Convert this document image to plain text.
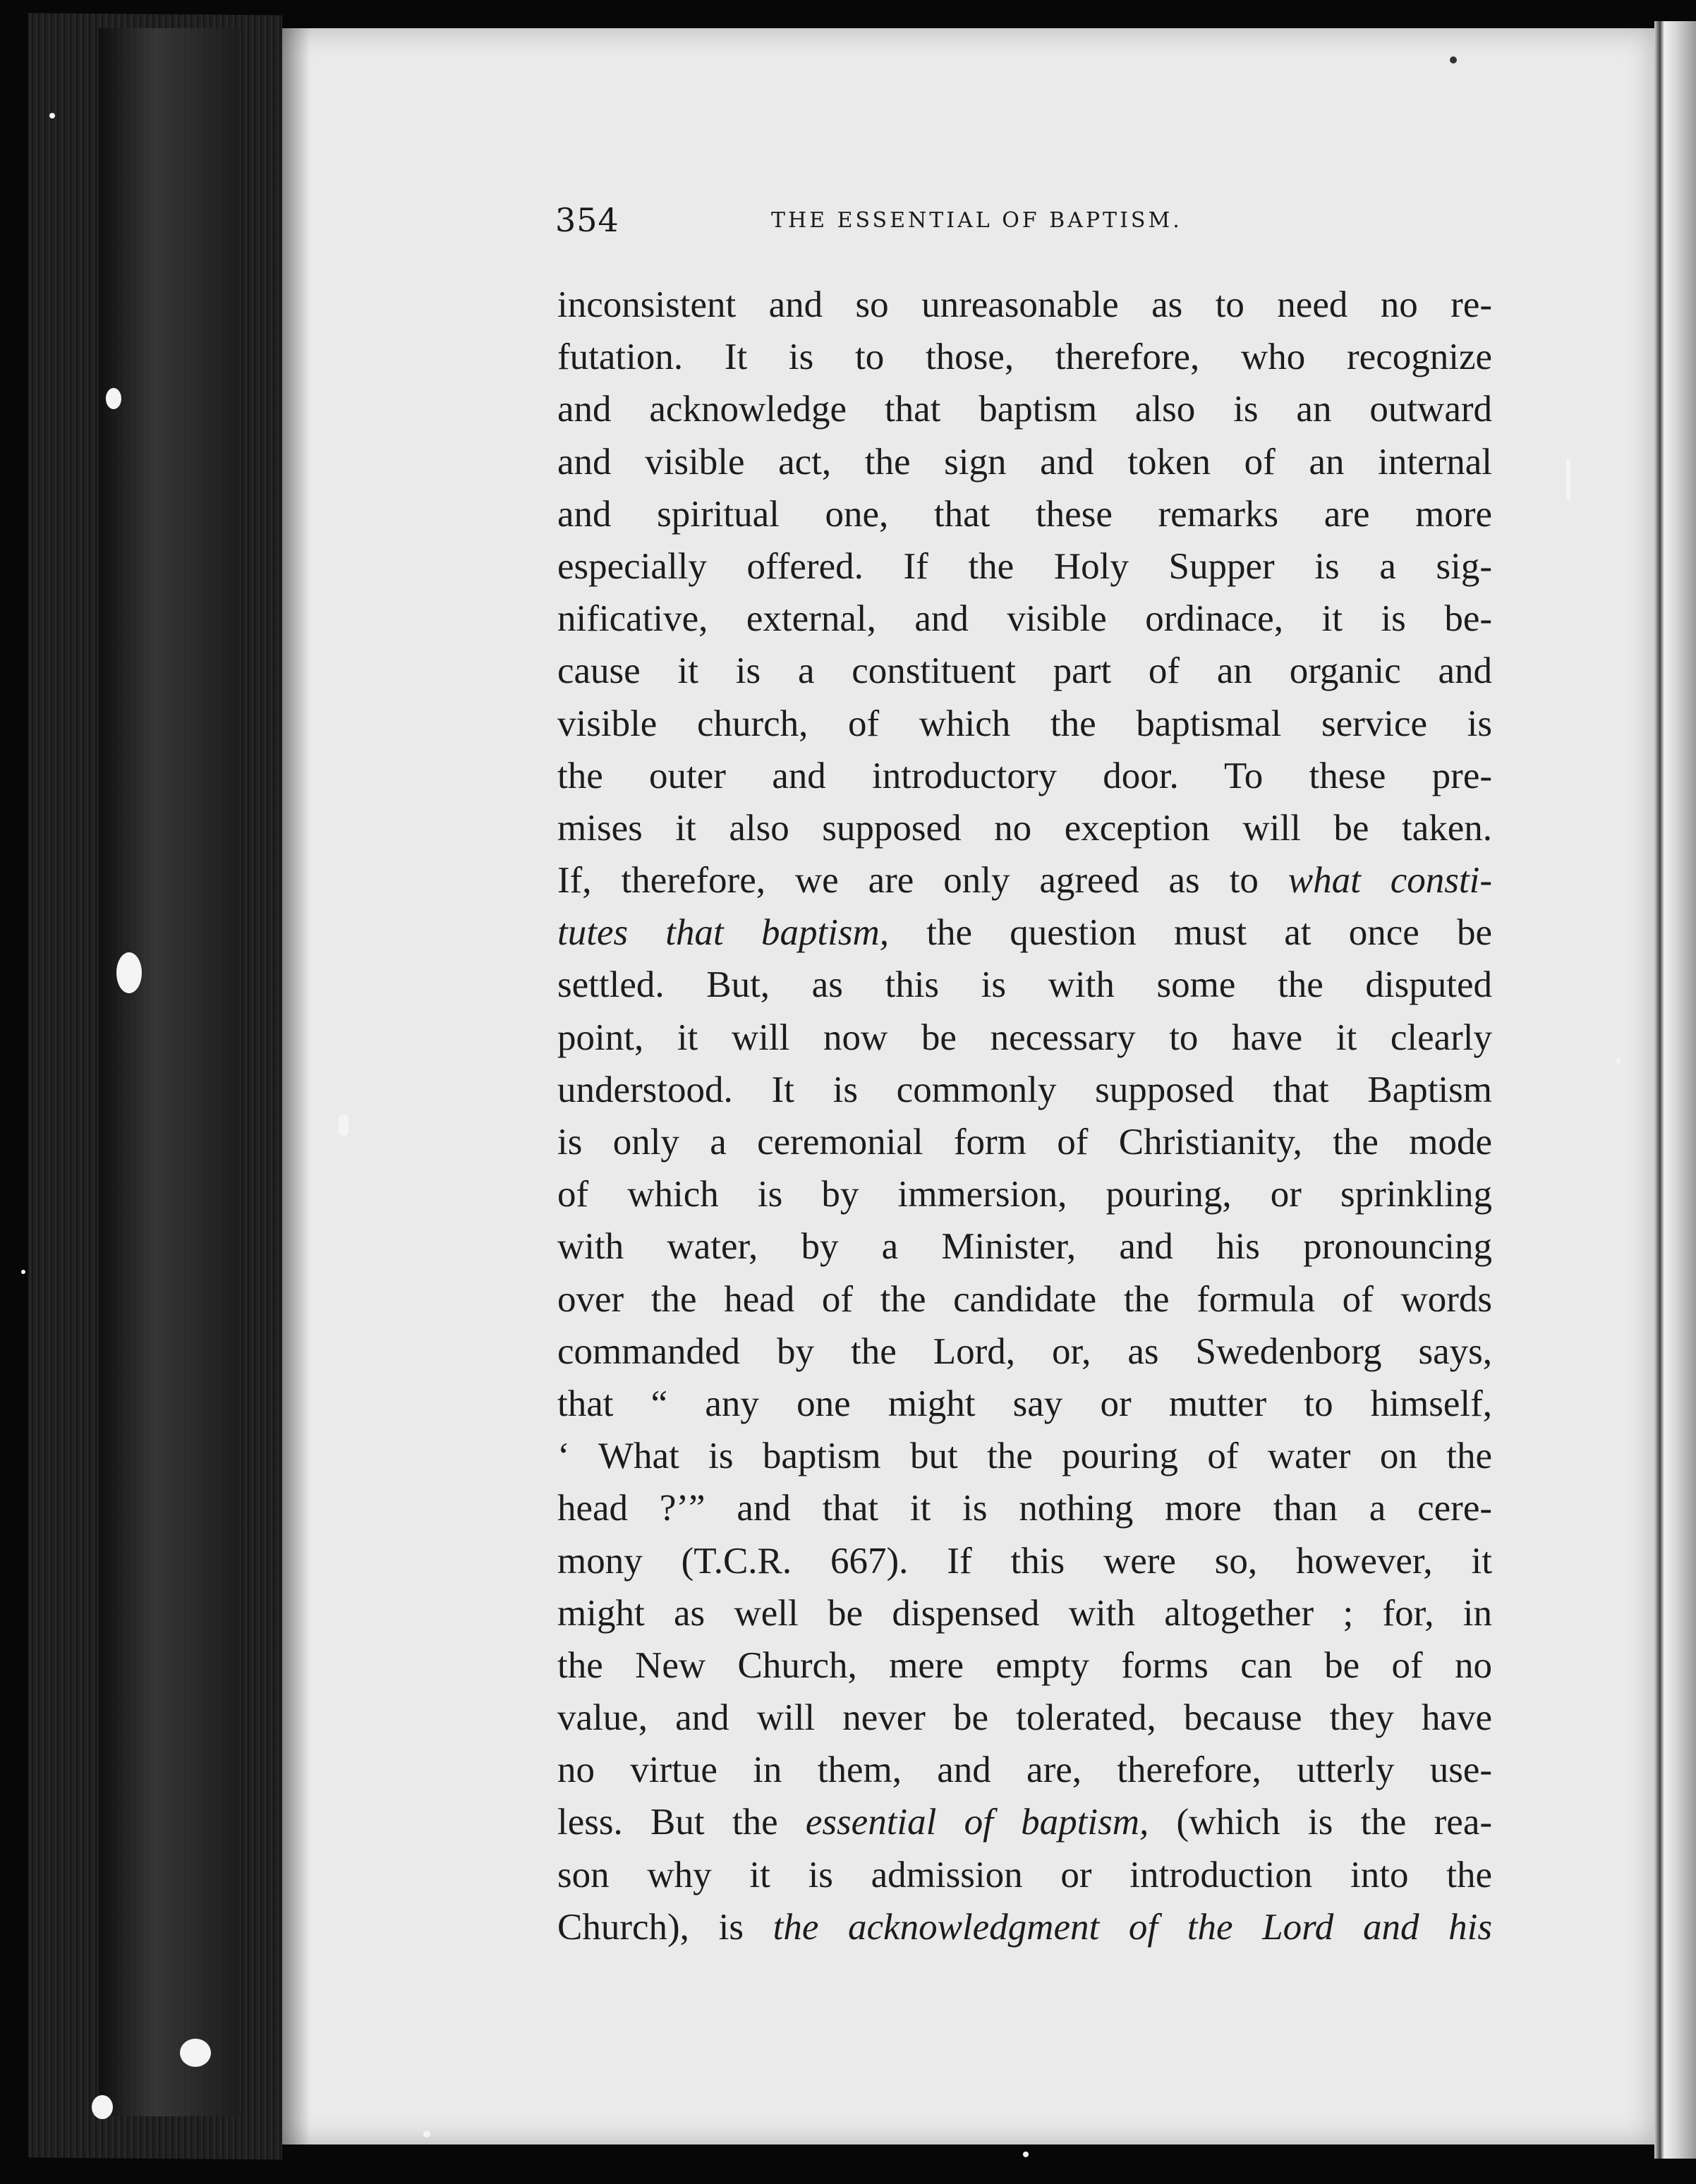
354	THE ESSENTIAL OF BAPTISM.
inconsistent and so unreasonable as to need no re-
futation. It is to those, therefore, who recognize
and acknowledge that baptism also is an outward
and visible act, the sign and token of an internal
and spiritual one, that these remarks are more
especially offered. If the Holy Supper is a sig-
nificative, external, and visible ordinace, it is be-
cause it is a constituent part of an organic and
visible church, of which the baptismal service is
the outer and introductory door. To these pre-
mises it also supposed no exception will be taken.
If, therefore, we are only agreed as to what consti-
tutes that baptism, the question must at once be
settled. But, as this is with some the disputed
point, it will now be necessary to have it clearly
understood. It is commonly supposed that Baptism
is only a ceremonial form of Christianity, the mode
of which is by immersion, pouring, or sprinkling
with water, by a Minister, and his pronouncing
over the head of the candidate the formula of words
commanded by the Lord, or, as Swedenborg says,
that “ any one might say or mutter to himself,
‘ What is baptism but the pouring of water on the
head ?’” and that it is nothing more than a cere-
mony (T.C.R. 667). If this were so, however, it
might as well be dispensed with altogether ; for, in
the New Church, mere empty forms can be of no
value, and will never be tolerated, because they have
no virtue in them, and are, therefore, utterly use-
less. But the essential of baptism, (which is the rea-
son why it is admission or introduction into the
Church), is the acknowledgment of the Lord and his
